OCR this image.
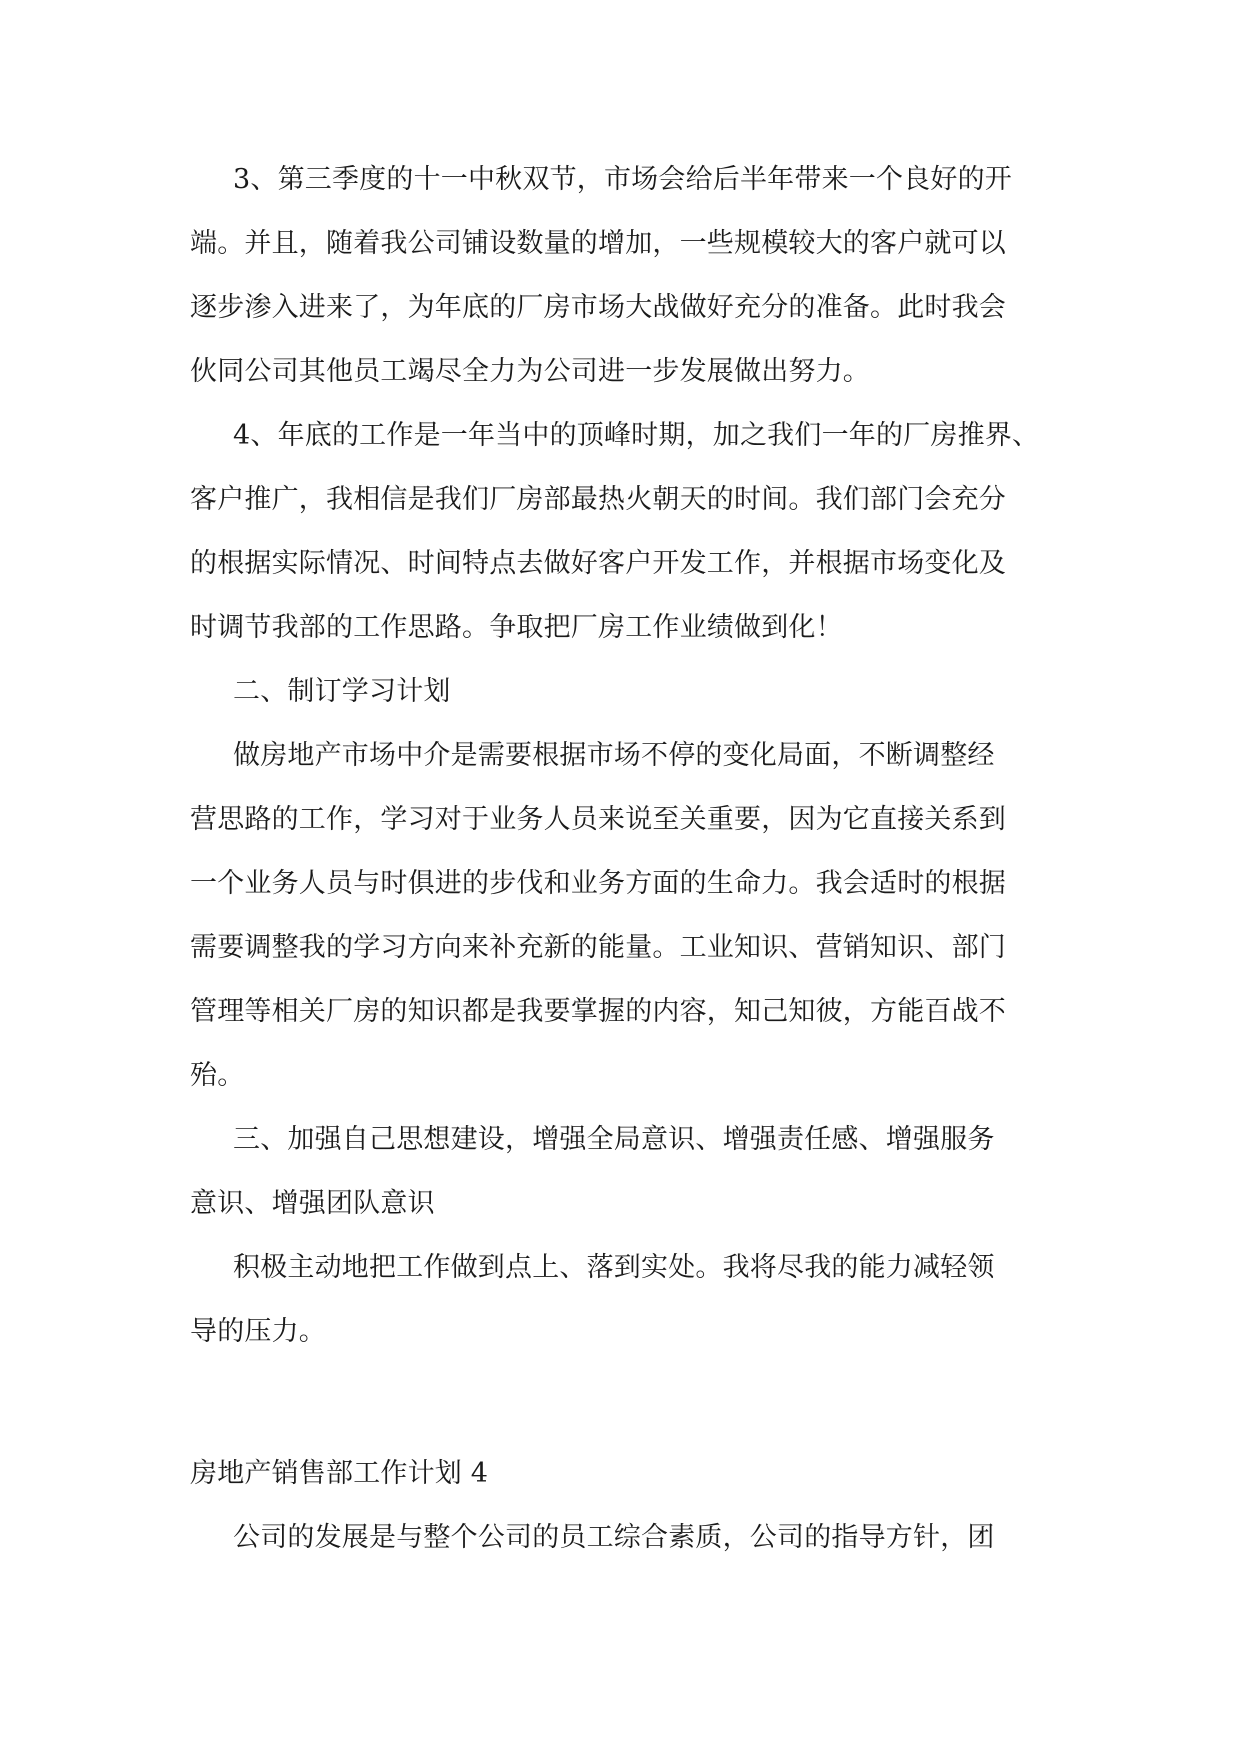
3、第三季度的十一中秋双节，市场会给后半年带来一个良好的开
端。并且，随着我公司铺设数量的增加，一些规模较大的客户就可以
逐步渗入进来了，为年底的厂房市场大战做好充分的准备。此时我会
伙同公司其他员工竭尽全力为公司进一步发展做出努力。
4、年底的工作是一年当中的顶峰时期，加之我们一年的厂房推界、
客户推广，我相信是我们厂房部最热火朝天的时间。我们部门会充分
的根据实际情况、时间特点去做好客户开发工作，并根据市场变化及
时调节我部的工作思路。争取把厂房工作业绩做到化！
二、制订学习计划
做房地产市场中介是需要根据市场不停的变化局面，不断调整经
营思路的工作，学习对于业务人员来说至关重要，因为它直接关系到
一个业务人员与时俱进的步伐和业务方面的生命力。我会适时的根据
需要调整我的学习方向来补充新的能量。工业知识、营销知识、部门
管理等相关厂房的知识都是我要掌握的内容，知己知彼，方能百战不
殆。
三、加强自己思想建设，增强全局意识、增强责任感、增强服务
意识、增强团队意识
积极主动地把工作做到点上、落到实处。我将尽我的能力减轻领
导的压力。
房地产销售部工作计划 4
公司的发展是与整个公司的员工综合素质，公司的指导方针，团
